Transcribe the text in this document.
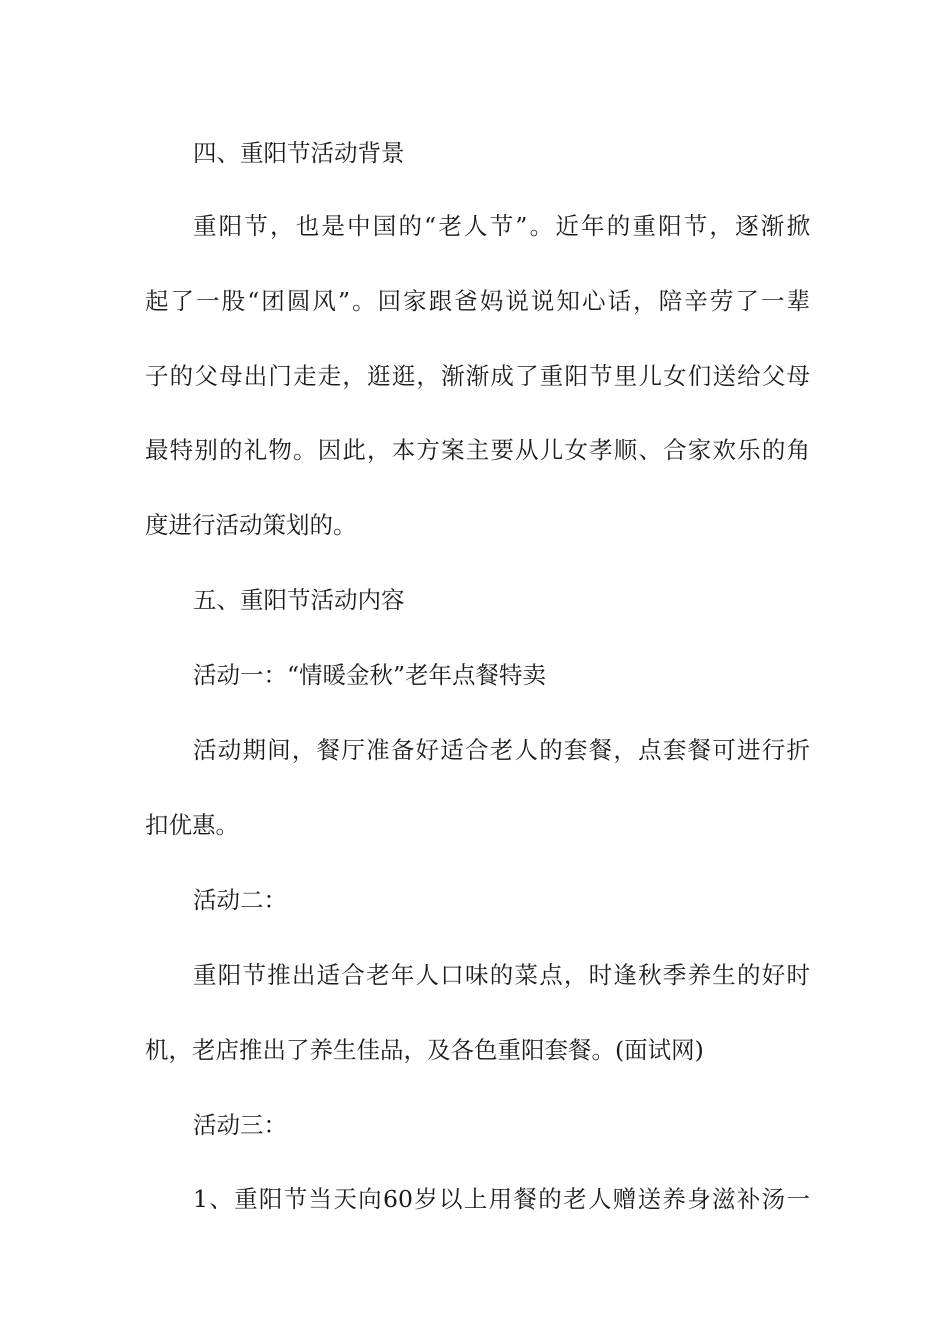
四、重阳节活动背景
重阳节，也是中国的“老人节”。近年的重阳节，逐渐掀
起了一股“团圆风”。回家跟爸妈说说知心话，陪辛劳了一辈
子的父母出门走走，逛逛，渐渐成了重阳节里儿女们送给父母
最特别的礼物。因此，本方案主要从儿女孝顺、合家欢乐的角
度进行活动策划的。
五、重阳节活动内容
活动一：“情暖金秋”老年点餐特卖
活动期间，餐厅准备好适合老人的套餐，点套餐可进行折
扣优惠。
活动二：
重阳节推出适合老年人口味的菜点，时逢秋季养生的好时
机，老店推出了养生佳品，及各色重阳套餐。(面试网)
活动三：
1、重阳节当天向60岁以上用餐的老人赠送养身滋补汤一
